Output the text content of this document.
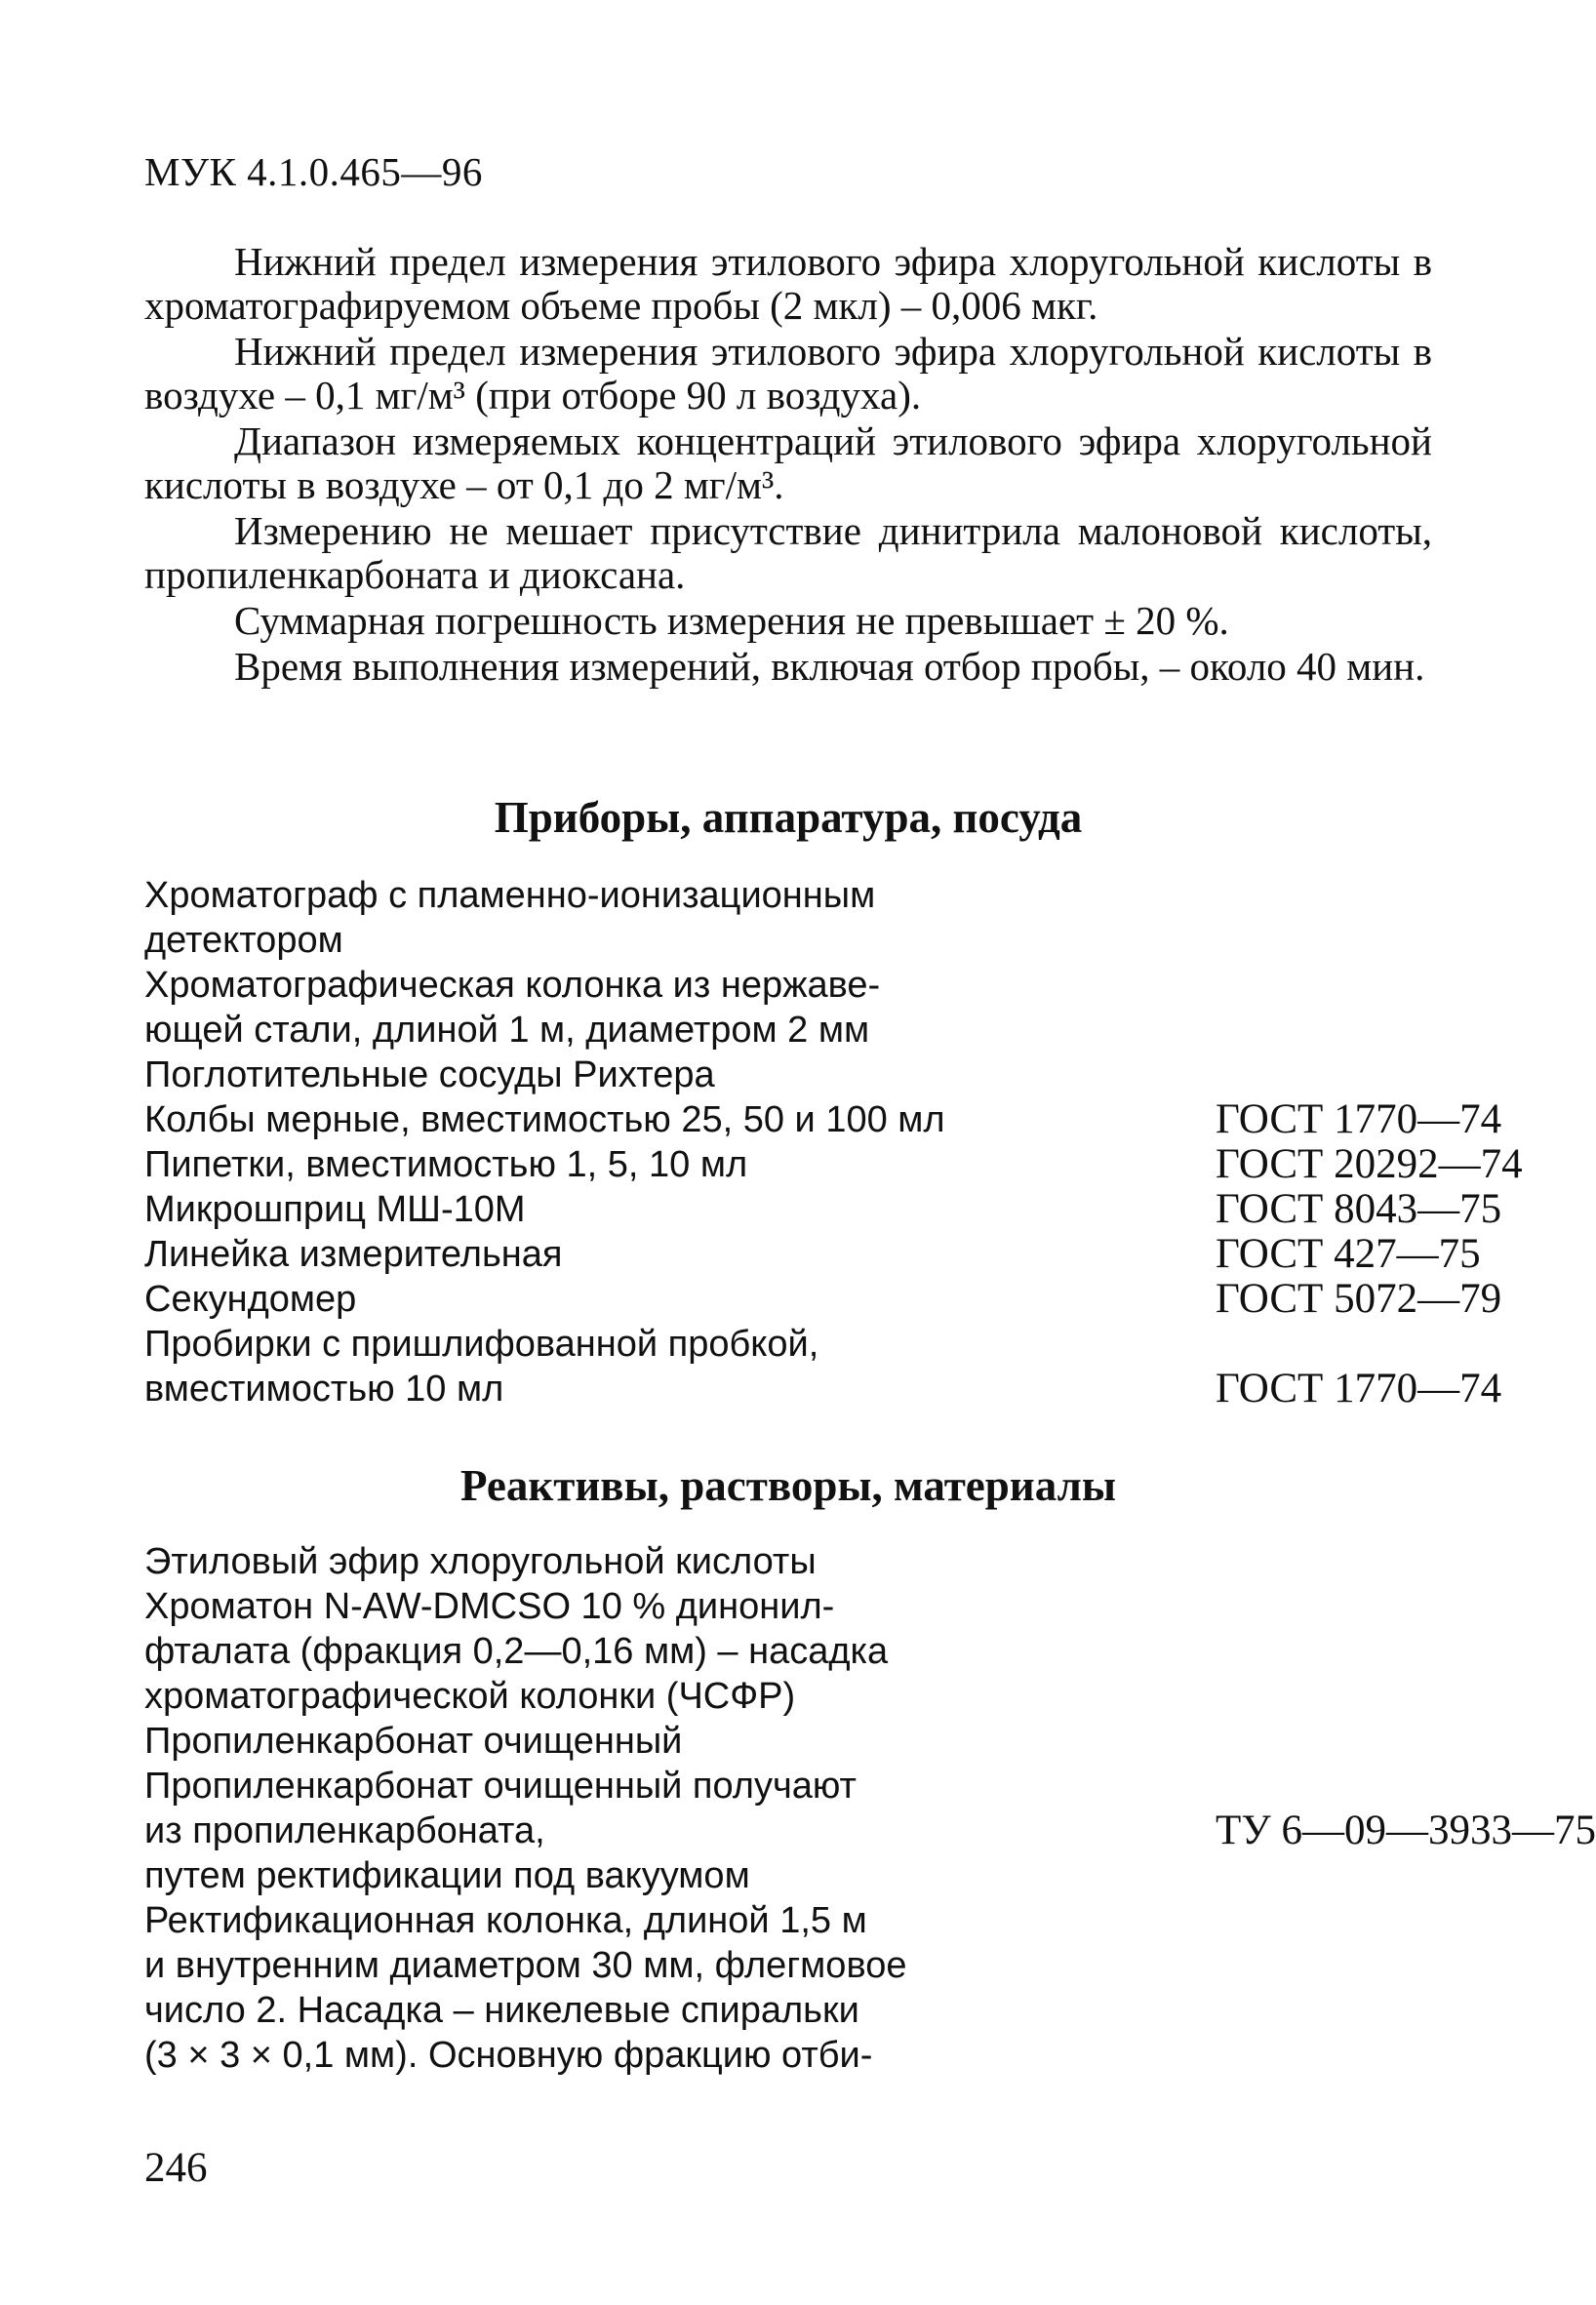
МУК 4.1.0.465—96

Нижний предел измерения этилового эфира хлоругольной кислоты в хроматографируемом объеме пробы (2 мкл) – 0,006 мкг.

Нижний предел измерения этилового эфира хлоругольной кислоты в воздухе – 0,1 мг/м³ (при отборе 90 л воздуха).

Диапазон измеряемых концентраций этилового эфира хлоругольной кислоты в воздухе – от 0,1 до 2 мг/м³.

Измерению не мешает присутствие динитрила малоновой кислоты, пропиленкарбоната и диоксана.

Суммарная погрешность измерения не превышает ± 20 %.

Время выполнения измерений, включая отбор пробы, – около 40 мин.

Приборы, аппаратура, посуда
Хроматограф с пламенно-ионизационным
детектором
Хроматографическая колонка из нержаве-
ющей стали, длиной 1 м, диаметром 2 мм
Поглотительные сосуды Рихтера
Колбы мерные, вместимостью 25, 50 и 100 мл	ГОСТ 1770—74
Пипетки, вместимостью 1, 5, 10 мл	ГОСТ 20292—74
Микрошприц МШ-10М	ГОСТ 8043—75
Линейка измерительная	ГОСТ 427—75
Секундомер	ГОСТ 5072—79
Пробирки с пришлифованной пробкой,
вместимостью 10 мл	ГОСТ 1770—74
Реактивы, растворы, материалы
Этиловый эфир хлоругольной кислоты
Хроматон N-AW-DMCSO 10 % динонил-
фталата (фракция 0,2—0,16 мм) – насадка
хроматографической колонки (ЧСФР)
Пропиленкарбонат очищенный
Пропиленкарбонат очищенный получают
из пропиленкарбоната,	ТУ 6—09—3933—75
путем ректификации под вакуумом
Ректификационная колонка, длиной 1,5 м
и внутренним диаметром 30 мм, флегмовое
число 2. Насадка – никелевые спиральки
(3 × 3 × 0,1 мм). Основную фракцию отби-
246
